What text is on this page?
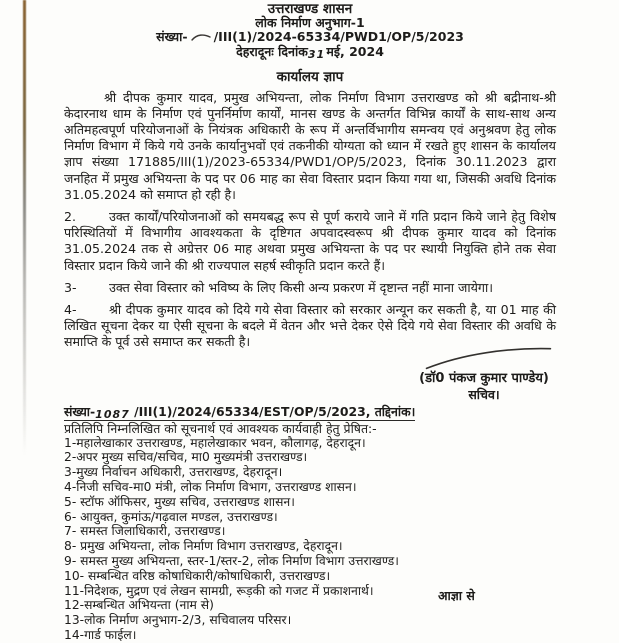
उत्तराखण्ड शासन
लोक निर्माण अनुभाग-1
संख्या- /III(1)/2024-65334/PWD1/OP/5/2023
देहरादूनः दिनांक31 मई, 2024
कार्यालय ज्ञाप

श्री दीपक कुमार यादव, प्रमुख अभियन्ता, लोक निर्माण विभाग उत्तराखण्ड को श्री बद्रीनाथ-श्री केदारनाथ धाम के निर्माण एवं पुनर्निर्माण कार्यों, मानस खण्ड के अन्तर्गत विभिन्न कार्यों के साथ-साथ अन्य अतिमहत्वपूर्ण परियोजनाओं के नियंत्रक अधिकारी के रूप में अन्तर्विभागीय समन्वय एवं अनुश्रवण हेतु लोक निर्माण विभाग में किये गये उनके कार्यानुभवों एवं तकनीकी योग्यता को ध्यान में रखते हुए शासन के कार्यालय ज्ञाप संख्या 171885/III(1)/2023-65334/PWD1/OP/5/2023, दिनांक 30.11.2023 द्वारा जनहित में प्रमुख अभियन्ता के पद पर 06 माह का सेवा विस्तार प्रदान किया गया था, जिसकी अवधि दिनांक 31.05.2024 को समाप्त हो रही है।

2.	उक्त कार्यों/परियोजनाओं को समयबद्ध रूप से पूर्ण कराये जाने में गति प्रदान किये जाने हेतु विशेष परिस्थितियों में विभागीय आवश्यकता के दृष्टिगत अपवादस्वरूप श्री दीपक कुमार यादव को दिनांक 31.05.2024 तक से अग्रेत्तर 06 माह अथवा प्रमुख अभियन्ता के पद पर स्थायी नियुक्ति होने तक सेवा विस्तार प्रदान किये जाने की श्री राज्यपाल सहर्ष स्वीकृति प्रदान करते हैं।

3-	उक्त सेवा विस्तार को भविष्य के लिए किसी अन्य प्रकरण में दृष्टान्त नहीं माना जायेगा।

4-	श्री दीपक कुमार यादव को दिये गये सेवा विस्तार को सरकार अन्यून कर सकती है, या 01 माह की लिखित सूचना देकर या ऐसी सूचना के बदले में वेतन और भत्ते देकर ऐसे दिये गये सेवा विस्तार की अवधि के समाप्ति के पूर्व उसे समाप्त कर सकती है।

(डॉ0 पंकज कुमार पाण्डेय)
सचिव।
संख्या-1087 /III(1)/2024/65334/EST/OP/5/2023, तद्दिनांक।
प्रतिलिपि निम्नलिखित को सूचनार्थ एवं आवश्यक कार्यवाही हेतु प्रेषित:-
1-महालेखाकार उत्तराखण्ड, महालेखाकार भवन, कौलागढ़, देहरादून।
2-अपर मुख्य सचिव/सचिव, मा0 मुख्यमंत्री उत्तराखण्ड।
3-मुख्य निर्वाचन अधिकारी, उत्तराखण्ड, देहरादून।
4-निजी सचिव-मा0 मंत्री, लोक निर्माण विभाग, उत्तराखण्ड शासन।
5- स्टॉफ ऑफिसर, मुख्य सचिव, उत्तराखण्ड शासन।
6- आयुक्त, कुमांऊ/गढ़वाल मण्डल, उत्तराखण्ड।
7- समस्त जिलाधिकारी, उत्तराखण्ड।
8- प्रमुख अभियन्ता, लोक निर्माण विभाग उत्तराखण्ड, देहरादून।
9- समस्त मुख्य अभियन्ता, स्तर-1/स्तर-2, लोक निर्माण विभाग उत्तराखण्ड।
10- सम्बन्धित वरिष्ठ कोषाधिकारी/कोषाधिकारी, उत्तराखण्ड।
11-निदेशक, मुद्रण एवं लेखन सामग्री, रूड़की को गजट में प्रकाशनार्थ।
12-सम्बन्धित अभियन्ता (नाम से)
13-लोक निर्माण अनुभाग-2/3, सचिवालय परिसर।
14-गार्ड फाईल।
आज्ञा से
